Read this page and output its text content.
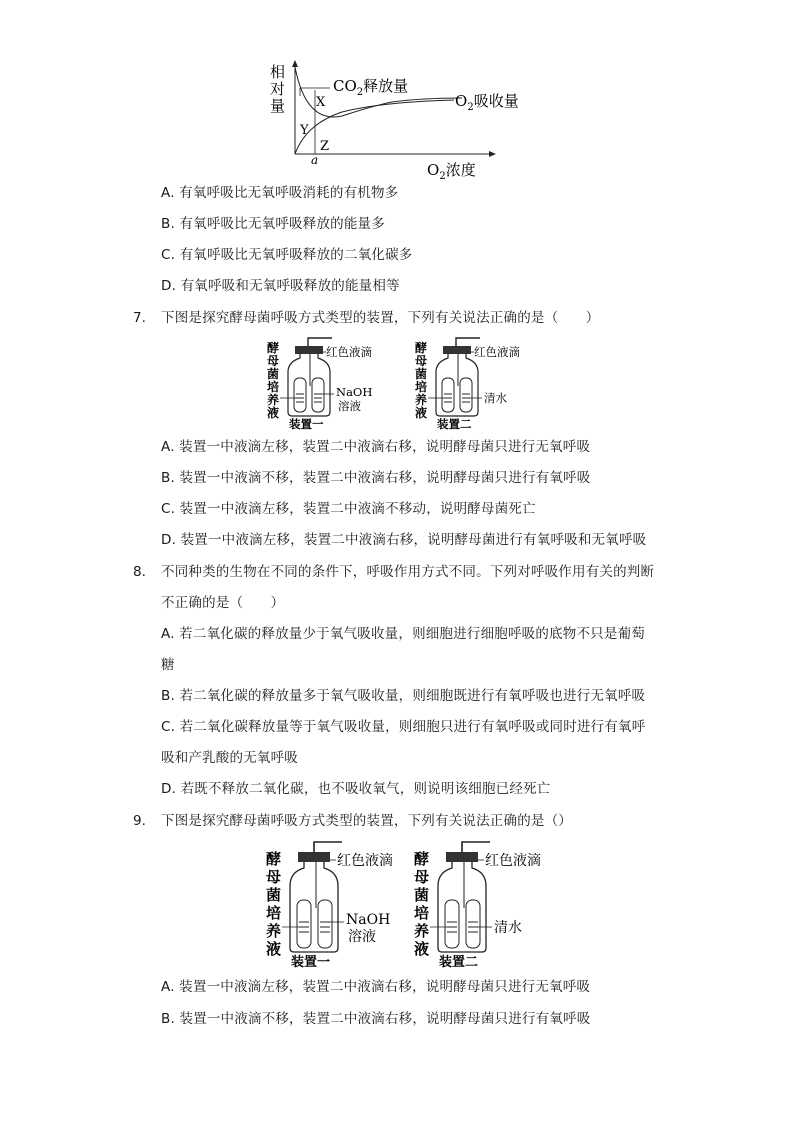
相
对
量
$CO_2$释放量
$O_2$吸收量
X
Y
Z
a
$O_2$浓度
A. 有氧呼吸比无氧呼吸消耗的有机物多
B. 有氧呼吸比无氧呼吸释放的能量多
C. 有氧呼吸比无氧呼吸释放的二氧化碳多
D. 有氧呼吸和无氧呼吸释放的能量相等
7. 下图是探究酵母菌呼吸方式类型的装置，下列有关说法正确的是（　　）
酵
母
菌
培
养
液
红色液滴
NaOH
溶液
装置一
酵
母
菌
培
养
液
红色液滴
清水
装置二
A. 装置一中液滴左移，装置二中液滴右移，说明酵母菌只进行无氧呼吸
B. 装置一中液滴不移，装置二中液滴右移，说明酵母菌只进行有氧呼吸
C. 装置一中液滴左移，装置二中液滴不移动，说明酵母菌死亡
D. 装置一中液滴左移，装置二中液滴右移，说明酵母菌进行有氧呼吸和无氧呼吸
8. 不同种类的生物在不同的条件下，呼吸作用方式不同。下列对呼吸作用有关的判断
不正确的是（　　）
A. 若二氧化碳的释放量少于氧气吸收量，则细胞进行细胞呼吸的底物不只是葡萄
糖
B. 若二氧化碳的释放量多于氧气吸收量，则细胞既进行有氧呼吸也进行无氧呼吸
C. 若二氧化碳释放量等于氧气吸收量，则细胞只进行有氧呼吸或同时进行有氧呼
吸和产乳酸的无氧呼吸
D. 若既不释放二氧化碳，也不吸收氧气，则说明该细胞已经死亡
9. 下图是探究酵母菌呼吸方式类型的装置，下列有关说法正确的是（）
酵
母
菌
培
养
液
红色液滴
NaOH
溶液
装置一
酵
母
菌
培
养
液
红色液滴
清水
装置二
A. 装置一中液滴左移，装置二中液滴右移，说明酵母菌只进行无氧呼吸
B. 装置一中液滴不移，装置二中液滴右移，说明酵母菌只进行有氧呼吸
